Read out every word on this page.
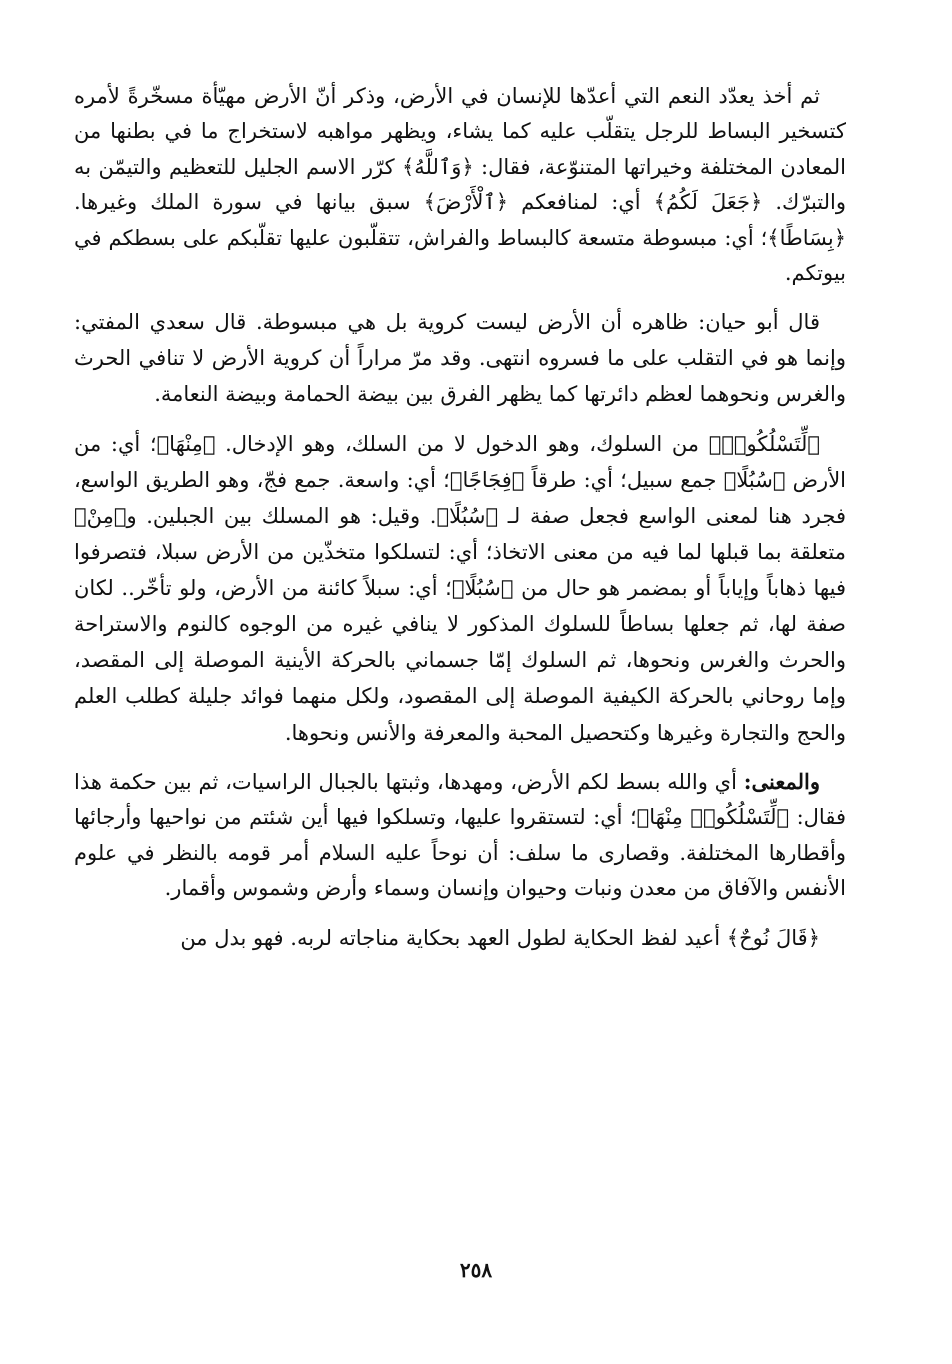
ثم أخذ يعدّد النعم التي أعدّها للإنسان في الأرض، وذكر أنّ الأرض مهيّأة مسخّرةً لأمره كتسخير البساط للرجل يتقلّب عليه كما يشاء، ويظهر مواهبه لاستخراج ما في بطنها من المعادن المختلفة وخيراتها المتنوّعة، فقال: ﴿وَٱللَّهُ﴾ كرّر الاسم الجليل للتعظيم والتيمّن به والتبرّك. ﴿جَعَلَ لَكُمُ﴾ أي: لمنافعكم ﴿ٱلْأَرْضَ﴾ سبق بيانها في سورة الملك وغيرها. ﴿بِسَاطًا﴾؛ أي: مبسوطة متسعة كالبساط والفراش، تتقلّبون عليها تقلّبكم على بسطكم في بيوتكم.

قال أبو حيان: ظاهره أن الأرض ليست كروية بل هي مبسوطة. قال سعدي المفتي: وإنما هو في التقلب على ما فسروه انتهى. وقد مرّ مراراً أن كروية الأرض لا تنافي الحرث والغرس ونحوهما لعظم دائرتها كما يظهر الفرق بين بيضة الحمامة وبيضة النعامة.

﴿لِّتَسْلُكُوا۟﴾ من السلوك، وهو الدخول لا من السلك، وهو الإدخال. ﴿مِنْهَا﴾؛ أي: من الأرض ﴿سُبُلًا﴾ جمع سبيل؛ أي: طرقاً ﴿فِجَاجًا﴾؛ أي: واسعة. جمع فجّ، وهو الطريق الواسع، فجرد هنا لمعنى الواسع فجعل صفة لـ ﴿سُبُلًا﴾. وقيل: هو المسلك بين الجبلين. و﴿مِنْ﴾ متعلقة بما قبلها لما فيه من معنى الاتخاذ؛ أي: لتسلكوا متخذّين من الأرض سبلا، فتصرفوا فيها ذهاباً وإياباً أو بمضمر هو حال من ﴿سُبُلًا﴾؛ أي: سبلاً كائنة من الأرض، ولو تأخّر.. لكان صفة لها، ثم جعلها بساطاً للسلوك المذكور لا ينافي غيره من الوجوه كالنوم والاستراحة والحرث والغرس ونحوها، ثم السلوك إمّا جسماني بالحركة الأينية الموصلة إلى المقصد، وإما روحاني بالحركة الكيفية الموصلة إلى المقصود، ولكل منهما فوائد جليلة كطلب العلم والحج والتجارة وغيرها وكتحصيل المحبة والمعرفة والأنس ونحوها.

والمعنى: أي والله بسط لكم الأرض، ومهدها، وثبتها بالجبال الراسيات، ثم بين حكمة هذا فقال: ﴿لِّتَسْلُكُوا۟ مِنْهَا﴾؛ أي: لتستقروا عليها، وتسلكوا فيها أين شئتم من نواحيها وأرجائها وأقطارها المختلفة. وقصارى ما سلف: أن نوحاً عليه السلام أمر قومه بالنظر في علوم الأنفس والآفاق من معدن ونبات وحيوان وإنسان وسماء وأرض وشموس وأقمار.

﴿قَالَ نُوحٌ﴾ أعيد لفظ الحكاية لطول العهد بحكاية مناجاته لربه. فهو بدل من

٢٥٨
